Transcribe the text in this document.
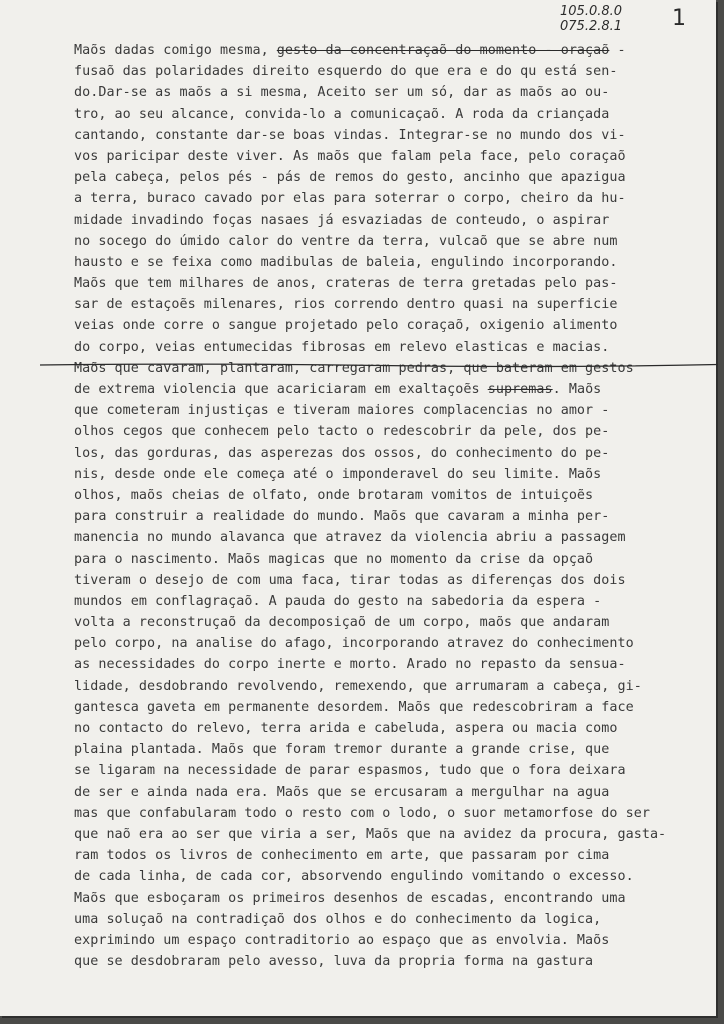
105.0.8.0
075.2.8.1 1
Maõs dadas comigo mesma, gesto da concentraçaõ do momento - oraçaõ -
fusaõ das polaridades direito esquerdo do que era e do qu está sen-
do.Dar-se as maõs a si mesma, Aceito ser um só, dar as maõs ao ou-
tro, ao seu alcance, convida-lo a comunicaçaõ. A roda da criançada
cantando, constante dar-se boas vindas. Integrar-se no mundo dos vi-
vos paricipar deste viver. As maõs que falam pela face, pelo coraçaõ
pela cabeça, pelos pés - pás de remos do gesto, ancinho que apazigua
a terra, buraco cavado por elas para soterrar o corpo, cheiro da hu-
midade invadindo foças nasaes já esvaziadas de conteudo, o aspirar
no socego do úmido calor do ventre da terra, vulcaõ que se abre num
hausto e se feixa como madibulas de baleia, engulindo incorporando.
Maõs que tem milhares de anos, crateras de terra gretadas pelo pas-
sar de estaçoẽs milenares, rios correndo dentro quasi na superficie
veias onde corre o sangue projetado pelo coraçaõ, oxigenio alimento
do corpo, veias entumecidas fibrosas em relevo elasticas e macias.
Maõs que cavaram, plantaram, carregaram pedras, que bateram em gestos
de extrema violencia que acariciaram em exaltaçoẽs supremas. Maõs
que cometeram injustiças e tiveram maiores complacencias no amor -
olhos cegos que conhecem pelo tacto o redescobrir da pele, dos pe-
los, das gorduras, das asperezas dos ossos, do conhecimento do pe-
nis, desde onde ele começa até o imponderavel do seu limite. Maõs
olhos, maõs cheias de olfato, onde brotaram vomitos de intuiçoẽs
para construir a realidade do mundo. Maõs que cavaram a minha per-
manencia no mundo alavanca que atravez da violencia abriu a passagem
para o nascimento. Maõs magicas que no momento da crise da opçaõ
tiveram o desejo de com uma faca, tirar todas as diferenças dos dois
mundos em conflagraçaõ. A pauda do gesto na sabedoria da espera -
volta a reconstruçaõ da decomposiçaõ de um corpo, maõs que andaram
pelo corpo, na analise do afago, incorporando atravez do conhecimento
as necessidades do corpo inerte e morto. Arado no repasto da sensua-
lidade, desdobrando revolvendo, remexendo, que arrumaram a cabeça, gi-
gantesca gaveta em permanente desordem. Maõs que redescobriram a face
no contacto do relevo, terra arida e cabeluda, aspera ou macia como
plaina plantada. Maõs que foram tremor durante a grande crise, que
se ligaram na necessidade de parar espasmos, tudo que o fora deixara
de ser e ainda nada era. Maõs que se ercusaram a mergulhar na agua
mas que confabularam todo o resto com o lodo, o suor metamorfose do ser
que naõ era ao ser que viria a ser, Maõs que na avidez da procura, gasta-
ram todos os livros de conhecimento em arte, que passaram por cima
de cada linha, de cada cor, absorvendo engulindo vomitando o excesso.
Maõs que esboçaram os primeiros desenhos de escadas, encontrando uma
uma soluçaõ na contradiçaõ dos olhos e do conhecimento da logica,
exprimindo um espaço contraditorio ao espaço que as envolvia. Maõs
que se desdobraram pelo avesso, luva da propria forma na gastura
